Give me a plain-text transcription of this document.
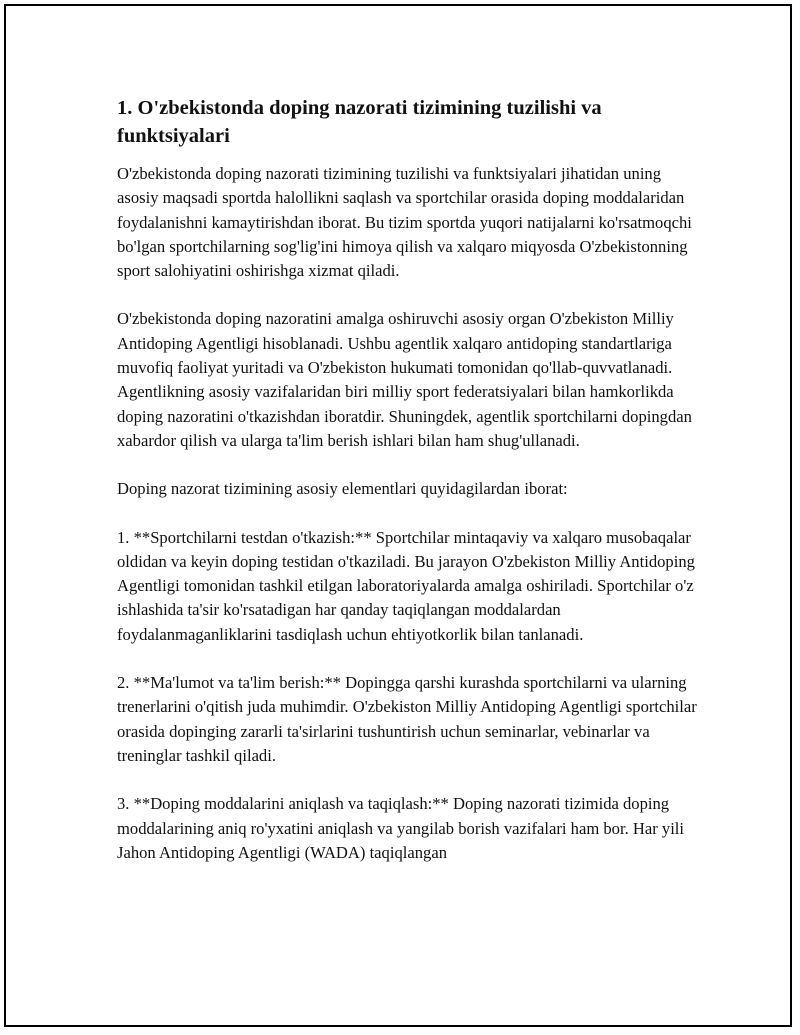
1. O'zbekistonda doping nazorati tizimining tuzilishi va funktsiyalari

O'zbekistonda doping nazorati tizimining tuzilishi va funktsiyalari jihatidan uning asosiy maqsadi sportda halollikni saqlash va sportchilar orasida doping moddalaridan foydalanishni kamaytirishdan iborat. Bu tizim sportda yuqori natijalarni ko'rsatmoqchi bo'lgan sportchilarning sog'lig'ini himoya qilish va xalqaro miqyosda O'zbekistonning sport salohiyatini oshirishga xizmat qiladi.

O'zbekistonda doping nazoratini amalga oshiruvchi asosiy organ O'zbekiston Milliy Antidoping Agentligi hisoblanadi. Ushbu agentlik xalqaro antidoping standartlariga muvofiq faoliyat yuritadi va O'zbekiston hukumati tomonidan qo'llab-quvvatlanadi. Agentlikning asosiy vazifalaridan biri milliy sport federatsiyalari bilan hamkorlikda doping nazoratini o'tkazishdan iboratdir. Shuningdek, agentlik sportchilarni dopingdan xabardor qilish va ularga ta'lim berish ishlari bilan ham shug'ullanadi.

Doping nazorat tizimining asosiy elementlari quyidagilardan iborat:

1. **Sportchilarni testdan o'tkazish:** Sportchilar mintaqaviy va xalqaro musobaqalar oldidan va keyin doping testidan o'tkaziladi. Bu jarayon O'zbekiston Milliy Antidoping Agentligi tomonidan tashkil etilgan laboratoriyalarda amalga oshiriladi. Sportchilar o'z ishlashida ta'sir ko'rsatadigan har qanday taqiqlangan moddalardan foydalanmaganliklarini tasdiqlash uchun ehtiyotkorlik bilan tanlanadi.

2. **Ma'lumot va ta'lim berish:** Dopingga qarshi kurashda sportchilarni va ularning trenerlarini o'qitish juda muhimdir. O'zbekiston Milliy Antidoping Agentligi sportchilar orasida dopinging zararli ta'sirlarini tushuntirish uchun seminarlar, vebinarlar va treninglar tashkil qiladi.

3. **Doping moddalarini aniqlash va taqiqlash:** Doping nazorati tizimida doping moddalarining aniq ro'yxatini aniqlash va yangilab borish vazifalari ham bor. Har yili Jahon Antidoping Agentligi (WADA) taqiqlangan
